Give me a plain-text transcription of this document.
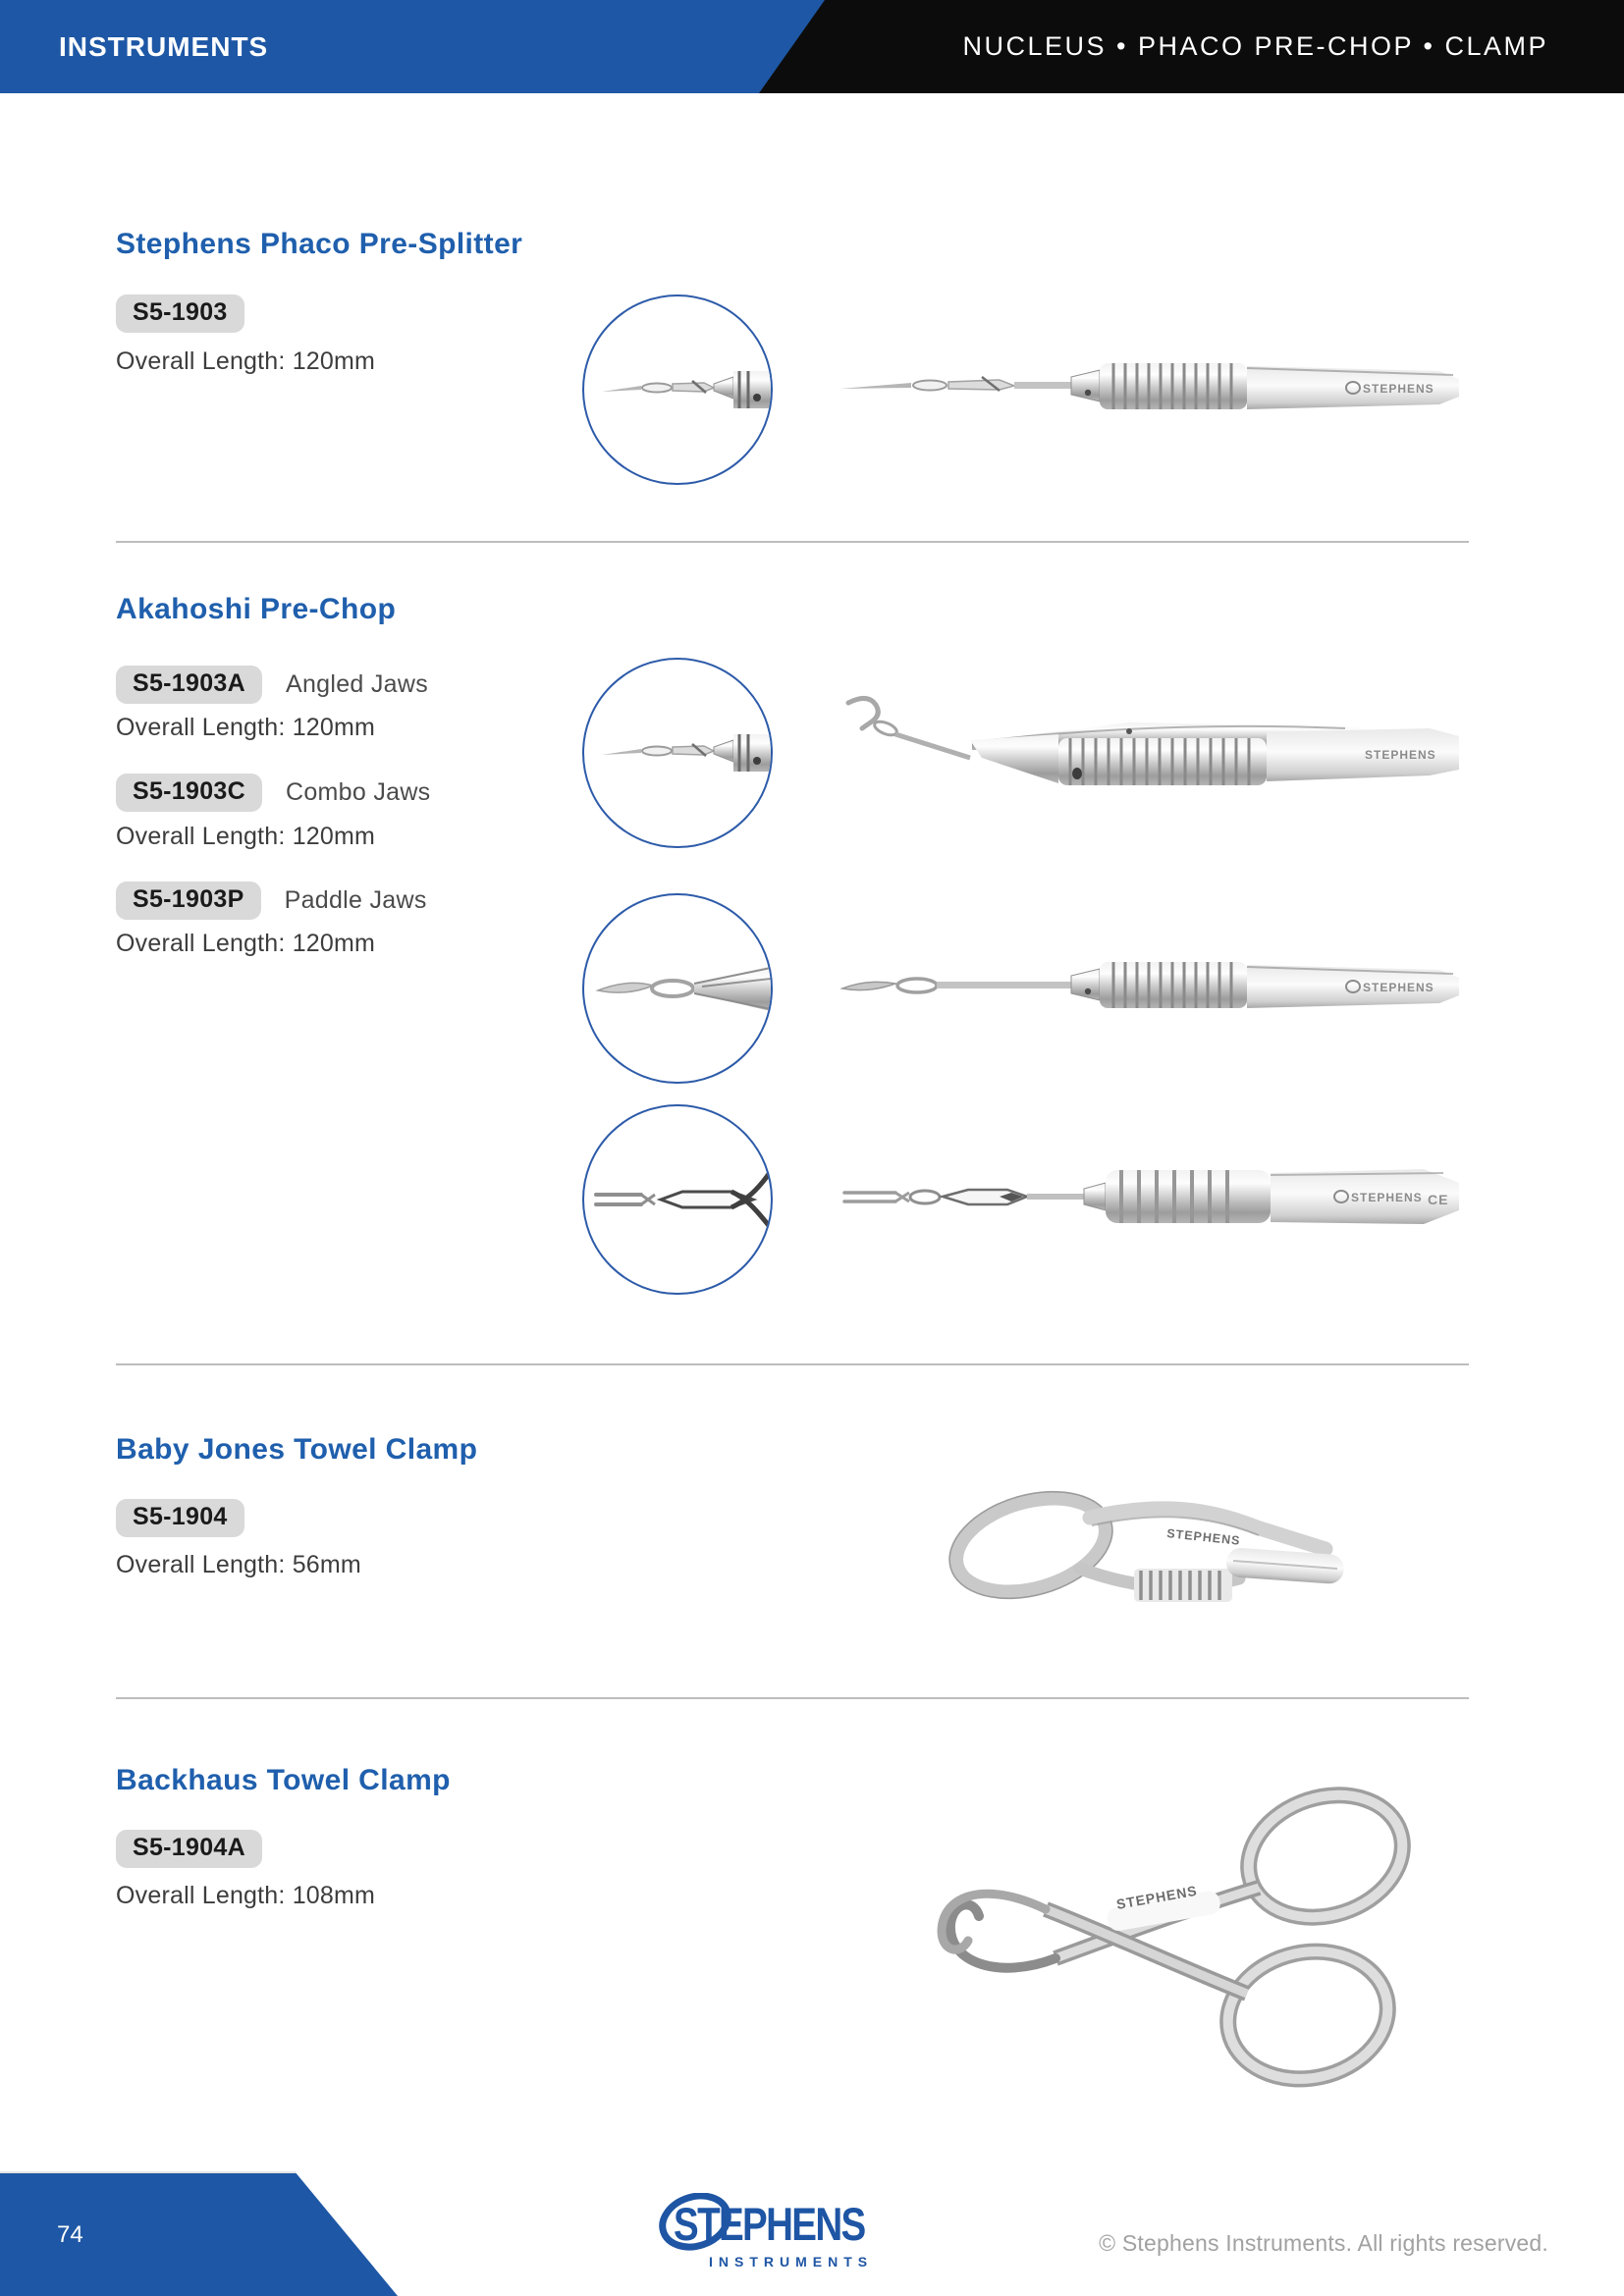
INSTRUMENTS	NUCLEUS • PHACO PRE-CHOP • CLAMP
Stephens Phaco Pre-Splitter
S5-1903
Overall Length: 120mm
STEPHENS
Akahoshi Pre-Chop
S5-1903A	Angled Jaws
Overall Length: 120mm
S5-1903C	Combo Jaws
Overall Length: 120mm
S5-1903P	Paddle Jaws
Overall Length: 120mm
STEPHENS
STEPHENS
STEPHENS CE
Baby Jones Towel Clamp
S5-1904
Overall Length: 56mm
STEPHENS
Backhaus Towel Clamp
S5-1904A
Overall Length: 108mm	STEPHENS
74	STEPHENS
INSTRUMENTS
© Stephens Instruments. All rights reserved.
